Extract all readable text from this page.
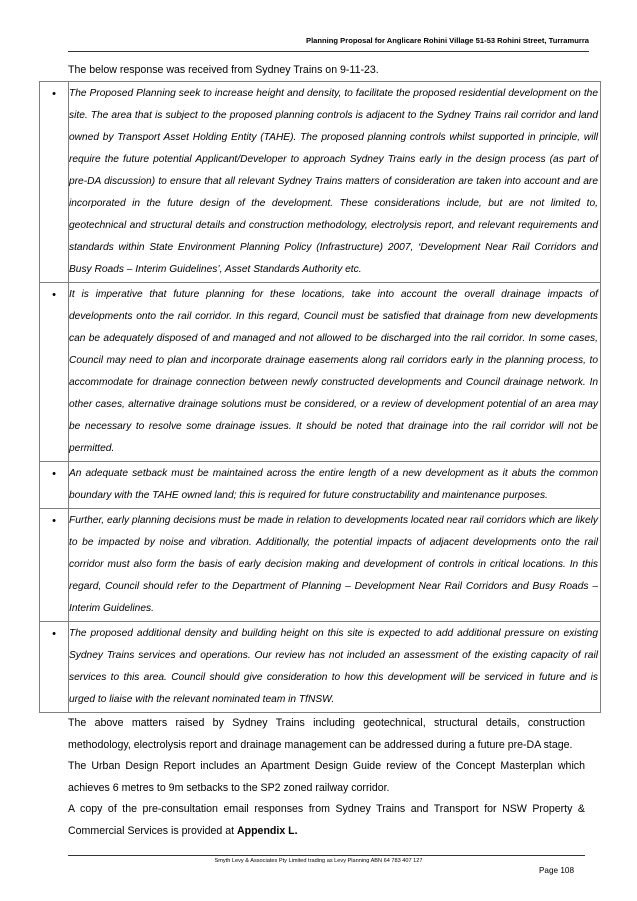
Planning Proposal for Anglicare Rohini Village 51-53 Rohini Street, Turramurra
The below response was received from Sydney Trains on 9-11-23.
•	The Proposed Planning seek to increase height and density, to facilitate the proposed residential development on the site. The area that is subject to the proposed planning controls is adjacent to the Sydney Trains rail corridor and land owned by Transport Asset Holding Entity (TAHE). The proposed planning controls whilst supported in principle, will require the future potential Applicant/Developer to approach Sydney Trains early in the design process (as part of pre-DA discussion) to ensure that all relevant Sydney Trains matters of consideration are taken into account and are incorporated in the future design of the development. These considerations include, but are not limited to, geotechnical and structural details and construction methodology, electrolysis report, and relevant requirements and standards within State Environment Planning Policy (Infrastructure) 2007, ‘Development Near Rail Corridors and Busy Roads – Interim Guidelines’, Asset Standards Authority etc.
•	It is imperative that future planning for these locations, take into account the overall drainage impacts of developments onto the rail corridor. In this regard, Council must be satisfied that drainage from new developments can be adequately disposed of and managed and not allowed to be discharged into the rail corridor. In some cases, Council may need to plan and incorporate drainage easements along rail corridors early in the planning process, to accommodate for drainage connection between newly constructed developments and Council drainage network. In other cases, alternative drainage solutions must be considered, or a review of development potential of an area may be necessary to resolve some drainage issues. It should be noted that drainage into the rail corridor will not be permitted.
•	An adequate setback must be maintained across the entire length of a new development as it abuts the common boundary with the TAHE owned land; this is required for future constructability and maintenance purposes.
•	Further, early planning decisions must be made in relation to developments located near rail corridors which are likely to be impacted by noise and vibration. Additionally, the potential impacts of adjacent developments onto the rail corridor must also form the basis of early decision making and development of controls in critical locations. In this regard, Council should refer to the Department of Planning – Development Near Rail Corridors and Busy Roads – Interim Guidelines.
•	The proposed additional density and building height on this site is expected to add additional pressure on existing Sydney Trains services and operations. Our review has not included an assessment of the existing capacity of rail services to this area. Council should give consideration to how this development will be serviced in future and is urged to liaise with the relevant nominated team in TfNSW.
The above matters raised by Sydney Trains including geotechnical, structural details, construction methodology, electrolysis report and drainage management can be addressed during a future pre-DA stage.
The Urban Design Report includes an Apartment Design Guide review of the Concept Masterplan which achieves 6 metres to 9m setbacks to the SP2 zoned railway corridor.
A copy of the pre-consultation email responses from Sydney Trains and Transport for NSW Property & Commercial Services is provided at Appendix L.
Smyth Levy & Associates Pty Limited trading as Levy Planning ABN 64 783 407 127
Page 108
